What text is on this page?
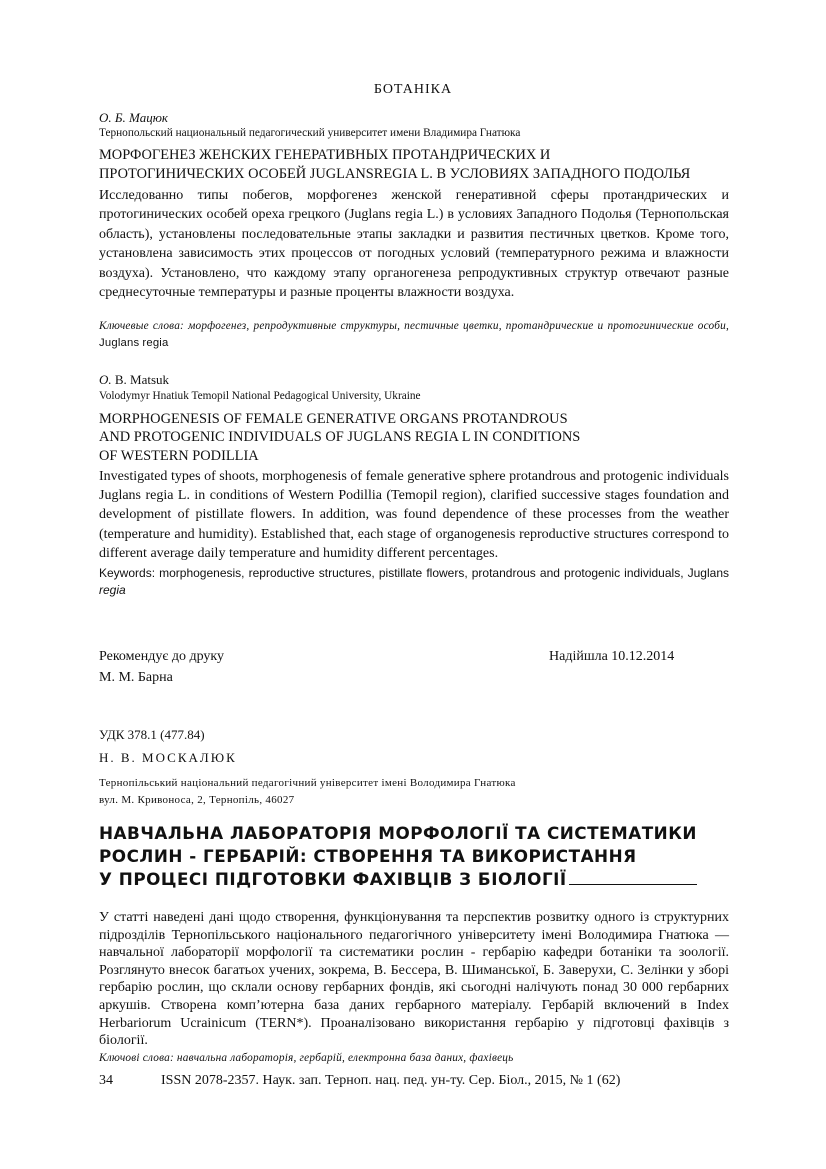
БОТАНІКА
О. Б. Мацюк
Тернопольский национальный педагогический университет имени Владимира Гнатюка
МОРФОГЕНЕЗ ЖЕНСКИХ ГЕНЕРАТИВНЫХ ПРОТАНДРИЧЕСКИХ И
ПРОТОГИНИЧЕСКИХ ОСОБЕЙ JUGLANSREGIA L. В УСЛОВИЯХ ЗАПАДНОГО ПОДОЛЬЯ
Исследованно типы побегов, морфогенез женской генеративной сферы протандрических и протогинических особей ореха грецкого (Juglans regia L.) в условиях Западного Подолья (Тернопольская область), установлены последовательные этапы закладки и развития пестичных цветков. Кроме того, установлена зависимость этих процессов от погодных условий (температурного режима и влажности воздуха). Установлено, что каждому этапу органогенеза репродуктивных структур отвечают разные среднесуточные температуры и разные проценты влажности воздуха.
Ключевые слова: морфогенез, репродуктивные структуры, пестичные цветки, протандрические и протогинические особи, Juglans regia
О. В. Matsuk
Volodymyr Hnatiuk Temopil National Pedagogical University, Ukraine
MORPHOGENESIS OF FEMALE GENERATIVE ORGANS PROTANDROUS
AND PROTOGENIC INDIVIDUALS OF JUGLANS REGIA L IN CONDITIONS
OF WESTERN PODILLIA
Investigated types of shoots, morphogenesis of female generative sphere protandrous and protogenic individuals Juglans regia L. in conditions of Western Podillia (Temopil region), clarified successive stages foundation and development of pistillate flowers. In addition, was found dependence of these processes from the weather (temperature and humidity). Established that, each stage of organogenesis reproductive structures correspond to different average daily temperature and humidity different percentages.
Keywords: morphogenesis, reproductive structures, pistillate flowers, protandrous and protogenic individuals, Juglans regia
Рекомендує до друку
М. М. Барна
Надійшла 10.12.2014
УДК 378.1 (477.84)
Н. В. МОСКАЛЮК
Тернопільський національний педагогічний університет імені Володимира Гнатюка
вул. М. Кривоноса, 2, Тернопіль, 46027
НАВЧАЛЬНА ЛАБОРАТОРІЯ МОРФОЛОГІЇ ТА СИСТЕМАТИКИ
РОСЛИН - ГЕРБАРІЙ: СТВОРЕННЯ ТА ВИКОРИСТАННЯ
У ПРОЦЕСІ ПІДГОТОВКИ ФАХІВЦІВ З БІОЛОГІЇ
У статті наведені дані щодо створення, функціонування та перспектив розвитку одного із структурних підрозділів Тернопільського національного педагогічного університету імені Володимира Гнатюка — навчальної лабораторії морфології та систематики рослин - гербарію кафедри ботаніки та зоології. Розглянуто внесок багатьох учених, зокрема, В. Бессера, В. Шиманської, Б. Заверухи, С. Зелінки у зборі гербарію рослин, що склали основу гербарних фондів, які сьогодні налічують понад 30 000 гербарних аркушів. Створена комп’ютерна база даних гербарного матеріалу. Гербарій включений в Index Herbariorum Ucrainicum (TERN*). Проаналізовано використання гербарію у підготовці фахівців з біології.
Ключові слова: навчальна лабораторія, гербарій, електронна база даних, фахівець
34	ISSN 2078-2357. Наук. зап. Терноп. нац. пед. ун-ту. Сер. Біол., 2015, № 1 (62)
